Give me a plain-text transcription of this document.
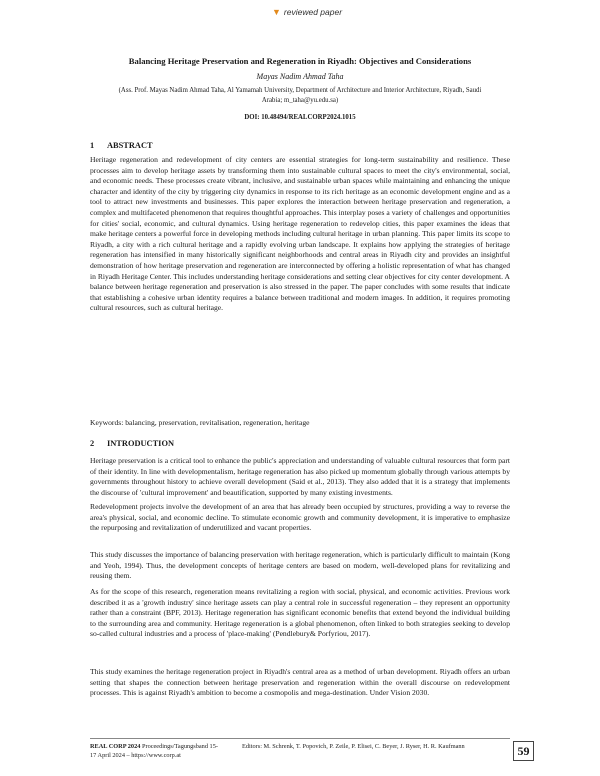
▼ reviewed paper
Balancing Heritage Preservation and Regeneration in Riyadh: Objectives and Considerations
Mayas Nadim Ahmad Taha
(Ass. Prof. Mayas Nadim Ahmad Taha, Al Yamamah University, Department of Architecture and Interior Architecture, Riyadh, Saudi Arabia; m_taha@yu.edu.sa)
DOI: 10.48494/REALCORP2024.1015
1 ABSTRACT

Heritage regeneration and redevelopment of city centers are essential strategies for long-term sustainability and resilience. These processes aim to develop heritage assets by transforming them into sustainable cultural spaces to meet the city's environmental, social, and economic needs. These processes create vibrant, inclusive, and sustainable urban spaces while maintaining and enhancing the unique character and identity of the city by triggering city dynamics in response to its rich heritage as an economic development engine and as a tool to attract new investments and businesses. This paper explores the interaction between heritage preservation and regeneration, a complex and multifaceted phenomenon that requires thoughtful approaches. This interplay poses a variety of challenges and opportunities for cities' social, economic, and cultural dynamics. Using heritage regeneration to redevelop cities, this paper examines the ideas that make heritage centers a powerful force in developing methods including cultural heritage in urban planning. This paper limits its scope to Riyadh, a city with a rich cultural heritage and a rapidly evolving urban landscape. It explains how applying the strategies of heritage regeneration has intensified in many historically significant neighborhoods and central areas in Riyadh city and provides an insightful demonstration of how heritage preservation and regeneration are interconnected by offering a holistic representation of what has changed in Riyadh Heritage Center. This includes understanding heritage considerations and setting clear objectives for city center development. A balance between heritage regeneration and preservation is also stressed in the paper. The paper concludes with some results that indicate that establishing a cohesive urban identity requires a balance between traditional and modern images. In addition, it requires promoting cultural resources, such as cultural heritage.

Keywords: balancing, preservation, revitalisation, regeneration, heritage

2 INTRODUCTION

Heritage preservation is a critical tool to enhance the public's appreciation and understanding of valuable cultural resources that form part of their identity. In line with developmentalism, heritage regeneration has also picked up momentum globally through various attempts by governments throughout history to achieve overall development (Said et al., 2013). They also added that it is a strategy that implements the discourse of 'cultural improvement' and beautification, supported by many existing investments.

Redevelopment projects involve the development of an area that has already been occupied by structures, providing a way to reverse the area's physical, social, and economic decline. To stimulate economic growth and community development, it is imperative to emphasize the repurposing and revitalization of underutilized and vacant properties.

This study discusses the importance of balancing preservation with heritage regeneration, which is particularly difficult to maintain (Kong and Yeoh, 1994). Thus, the development concepts of heritage centers are based on modern, well-developed plans for revitalizing and reusing them.

As for the scope of this research, regeneration means revitalizing a region with social, physical, and economic activities. Previous work described it as a 'growth industry' since heritage assets can play a central role in successful regeneration – they represent an opportunity rather than a constraint (BPF, 2013). Heritage regeneration has significant economic benefits that extend beyond the individual building to the surrounding area and community. Heritage regeneration is a global phenomenon, often linked to both strategies seeking to develop so-called cultural industries and a process of 'place-making' (Pendlebury& Porfyriou, 2017).

This study examines the heritage regeneration project in Riyadh's central area as a method of urban development. Riyadh offers an urban setting that shapes the connection between heritage preservation and regeneration within the overall discourse on redevelopment processes. This is against Riyadh's ambition to become a cosmopolis and mega-destination. Under Vision 2030.

REAL CORP 2024 Proceedings/Tagungsband 15-17 April 2024 – https://www.corp.at
Editors: M. Schrenk, T. Popovich, P. Zeile, P. Elisei, C. Beyer, J. Ryser, H. R. Kaufmann	59
